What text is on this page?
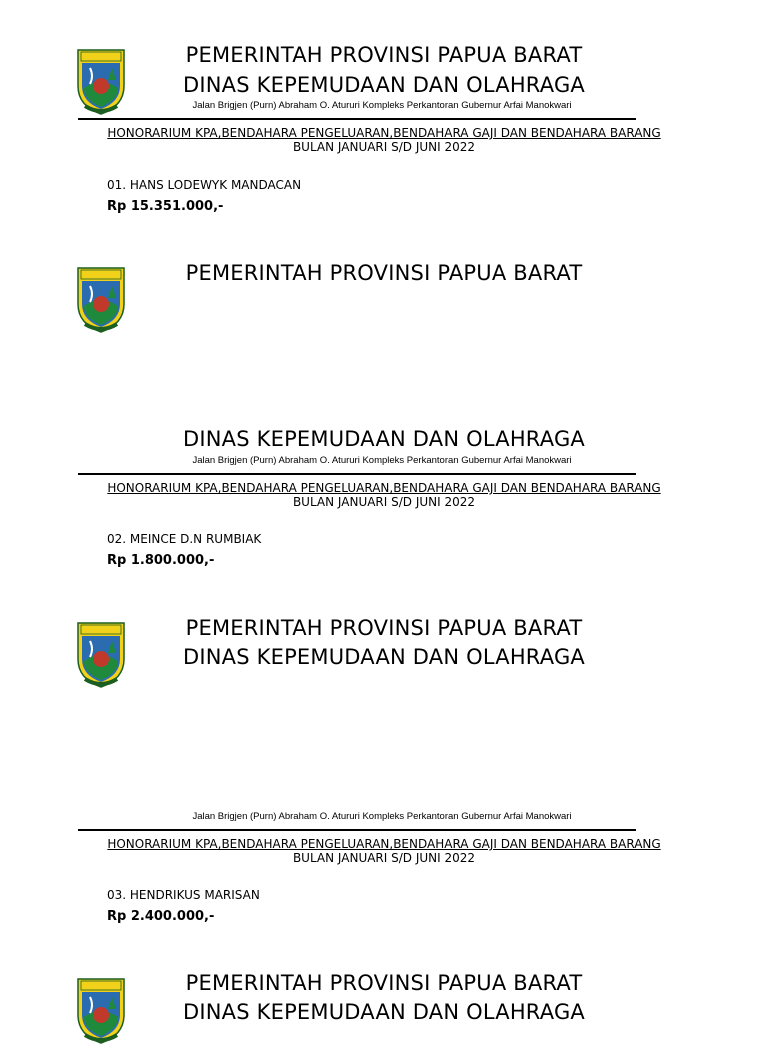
PEMERINTAH PROVINSI PAPUA BARAT
DINAS KEPEMUDAAN DAN OLAHRAGA
Jalan Brigjen (Purn) Abraham O. Atururi Kompleks Perkantoran Gubernur Arfai Manokwari
HONORARIUM KPA,BENDAHARA PENGELUARAN,BENDAHARA GAJI DAN BENDAHARA BARANG
BULAN JANUARI S/D JUNI 2022
01. HANS LODEWYK MANDACAN
Rp 15.351.000,-
PEMERINTAH PROVINSI PAPUA BARAT
DINAS KEPEMUDAAN DAN OLAHRAGA
Jalan Brigjen (Purn) Abraham O. Atururi Kompleks Perkantoran Gubernur Arfai Manokwari
HONORARIUM KPA,BENDAHARA PENGELUARAN,BENDAHARA GAJI DAN BENDAHARA BARANG
BULAN JANUARI S/D JUNI 2022
02. MEINCE D.N RUMBIAK
Rp 1.800.000,-
PEMERINTAH PROVINSI PAPUA BARAT
DINAS KEPEMUDAAN DAN OLAHRAGA
Jalan Brigjen (Purn) Abraham O. Atururi Kompleks Perkantoran Gubernur Arfai Manokwari
HONORARIUM KPA,BENDAHARA PENGELUARAN,BENDAHARA GAJI DAN BENDAHARA BARANG
BULAN JANUARI S/D JUNI 2022
03. HENDRIKUS MARISAN
Rp 2.400.000,-
PEMERINTAH PROVINSI PAPUA BARAT
DINAS KEPEMUDAAN DAN OLAHRAGA
